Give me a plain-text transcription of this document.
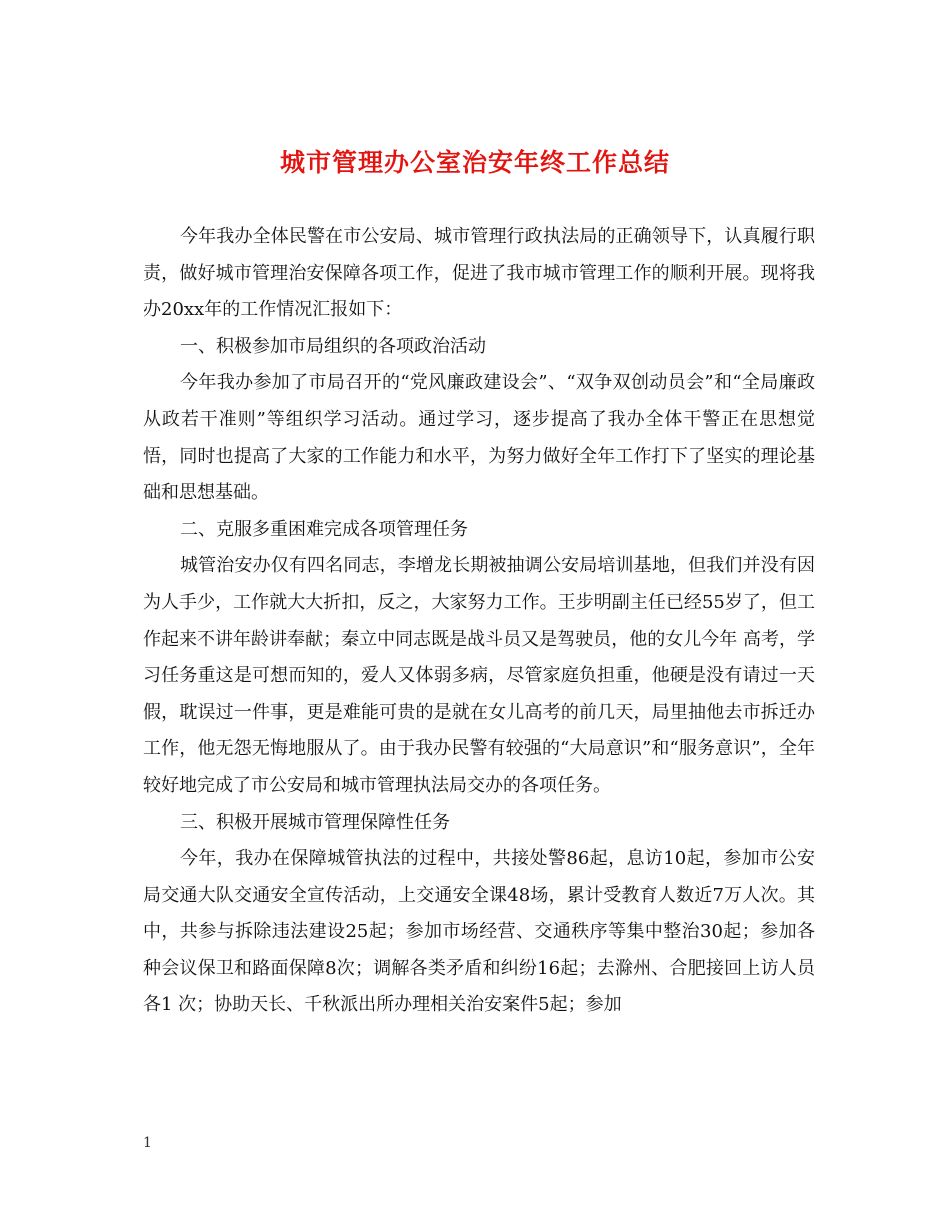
城市管理办公室治安年终工作总结

今年我办全体民警在市公安局、城市管理行政执法局的正确领导下，认真履行职责，做好城市管理治安保障各项工作，促进了我市城市管理工作的顺利开展。现将我办20xx年的工作情况汇报如下：

一、积极参加市局组织的各项政治活动

今年我办参加了市局召开的“党风廉政建设会”、“双争双创动员会”和“全局廉政从政若干准则”等组织学习活动。通过学习，逐步提高了我办全体干警正在思想觉悟，同时也提高了大家的工作能力和水平，为努力做好全年工作打下了坚实的理论基础和思想基础。

二、克服多重困难完成各项管理任务

城管治安办仅有四名同志，李增龙长期被抽调公安局培训基地，但我们并没有因为人手少，工作就大大折扣，反之，大家努力工作。王步明副主任已经55岁了，但工作起来不讲年龄讲奉献；秦立中同志既是战斗员又是驾驶员，他的女儿今年 高考，学习任务重这是可想而知的，爱人又体弱多病，尽管家庭负担重，他硬是没有请过一天假，耽误过一件事，更是难能可贵的是就在女儿高考的前几天，局里抽他去市拆迁办工作，他无怨无悔地服从了。由于我办民警有较强的“大局意识”和“服务意识”，全年较好地完成了市公安局和城市管理执法局交办的各项任务。

三、积极开展城市管理保障性任务

今年，我办在保障城管执法的过程中，共接处警86起，息访10起，参加市公安局交通大队交通安全宣传活动，上交通安全课48场，累计受教育人数近7万人次。其中，共参与拆除违法建设25起；参加市场经营、交通秩序等集中整治30起；参加各 种会议保卫和路面保障8次；调解各类矛盾和纠纷16起；去滁州、合肥接回上访人员各1 次；协助天长、千秋派出所办理相关治安案件5起；参加

1
